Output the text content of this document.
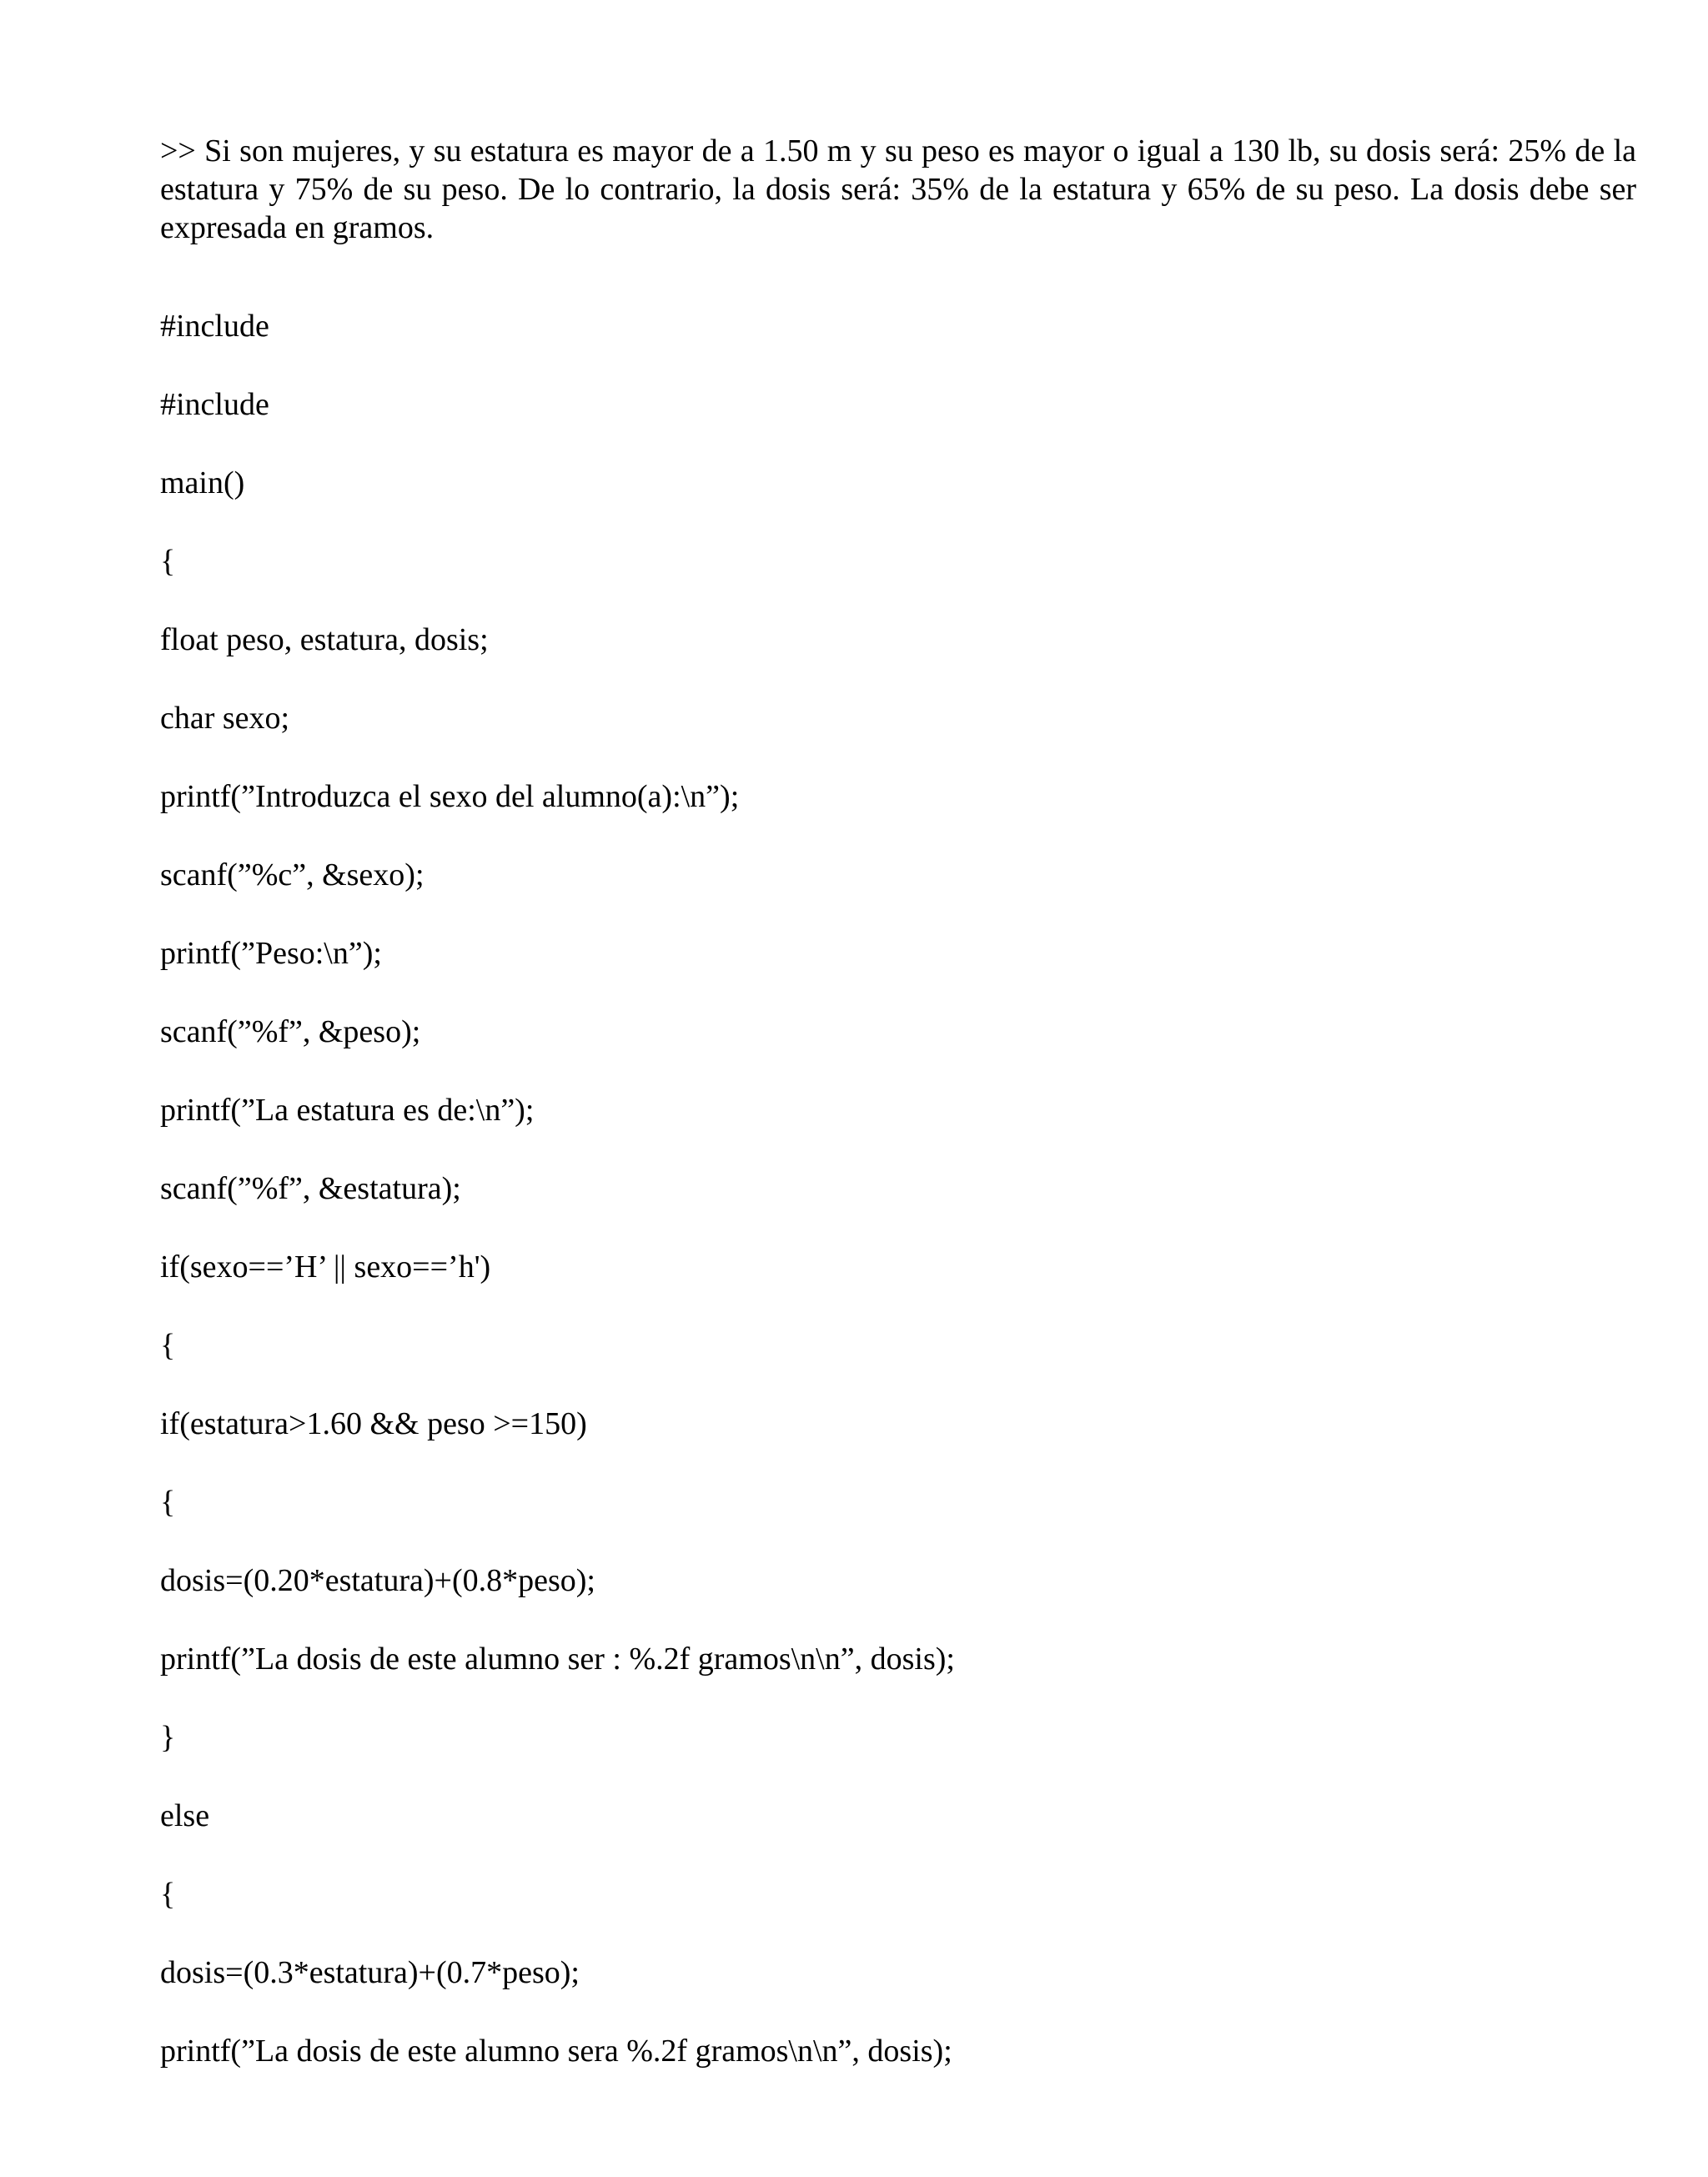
>> Si son mujeres, y su estatura es mayor de a 1.50 m y su peso es mayor o igual a 130 lb, su dosis será: 25% de la estatura y 75% de su peso. De lo contrario, la dosis será: 35% de la estatura y 65% de su peso. La dosis debe ser expresada en gramos.

#include
#include
main()
{
float peso, estatura, dosis;
char sexo;
printf(”Introduzca el sexo del alumno(a):\n”);
scanf(”%c”, &sexo);
printf(”Peso:\n”);
scanf(”%f”, &peso);
printf(”La estatura es de:\n”);
scanf(”%f”, &estatura);
if(sexo==’H’ || sexo==’h')
{
if(estatura>1.60 && peso >=150)
{
dosis=(0.20*estatura)+(0.8*peso);
printf(”La dosis de este alumno ser : %.2f gramos\n\n”, dosis);
}
else
{
dosis=(0.3*estatura)+(0.7*peso);
printf(”La dosis de este alumno sera %.2f gramos\n\n”, dosis);
